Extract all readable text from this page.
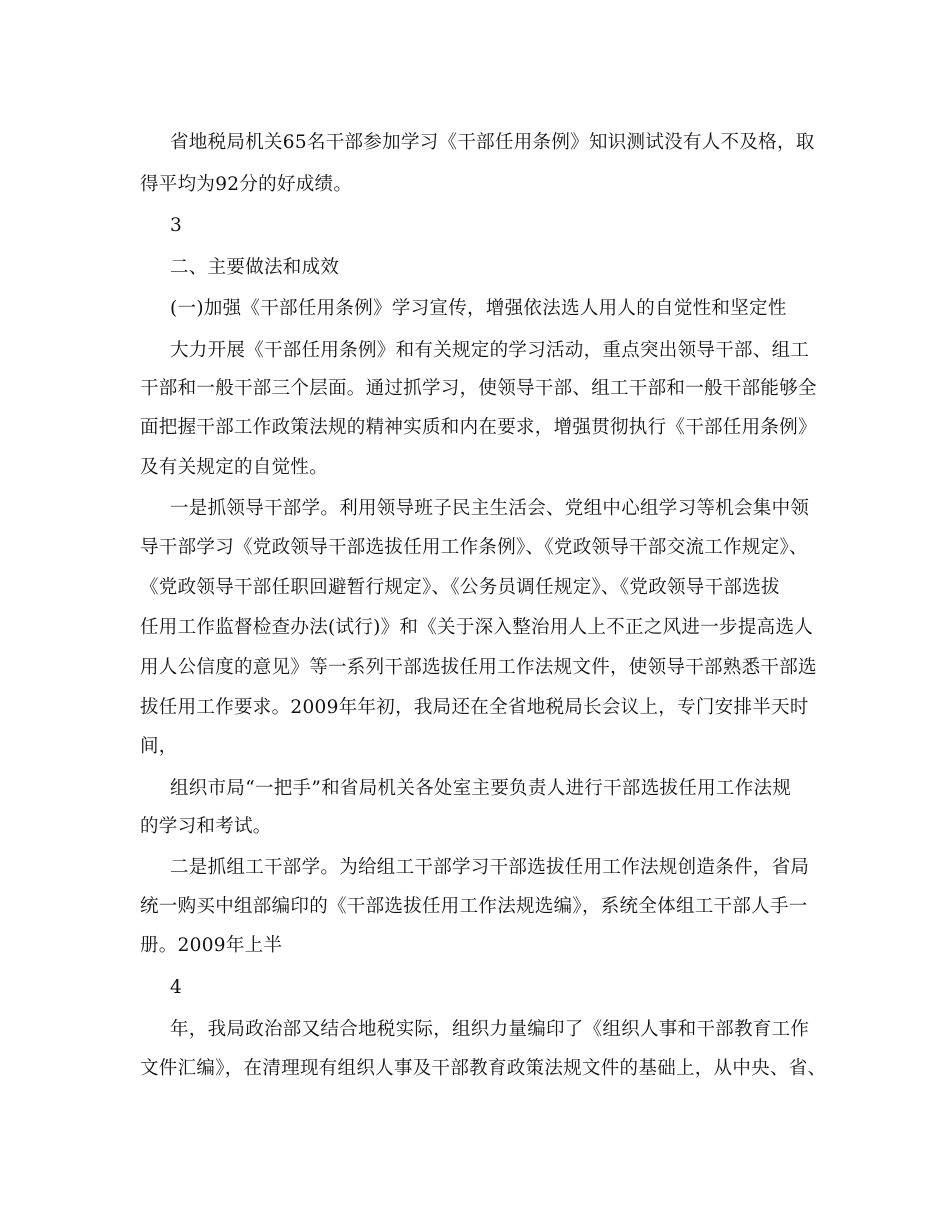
省地税局机关65名干部参加学习《干部任用条例》知识测试没有人不及格，取
得平均为92分的好成绩。
3
二、主要做法和成效
(一)加强《干部任用条例》学习宣传，增强依法选人用人的自觉性和坚定性
大力开展《干部任用条例》和有关规定的学习活动，重点突出领导干部、组工
干部和一般干部三个层面。通过抓学习，使领导干部、组工干部和一般干部能够全
面把握干部工作政策法规的精神实质和内在要求，增强贯彻执行《干部任用条例》
及有关规定的自觉性。
一是抓领导干部学。利用领导班子民主生活会、党组中心组学习等机会集中领
导干部学习《党政领导干部选拔任用工作条例》、《党政领导干部交流工作规定》、
《党政领导干部任职回避暂行规定》、《公务员调任规定》、《党政领导干部选拔
任用工作监督检查办法(试行)》和《关于深入整治用人上不正之风进一步提高选人
用人公信度的意见》等一系列干部选拔任用工作法规文件，使领导干部熟悉干部选
拔任用工作要求。2009年年初，我局还在全省地税局长会议上，专门安排半天时
间，
组织市局“一把手”和省局机关各处室主要负责人进行干部选拔任用工作法规
的学习和考试。
二是抓组工干部学。为给组工干部学习干部选拔任用工作法规创造条件，省局
统一购买中组部编印的《干部选拔任用工作法规选编》，系统全体组工干部人手一
册。2009年上半
4
年，我局政治部又结合地税实际，组织力量编印了《组织人事和干部教育工作
文件汇编》，在清理现有组织人事及干部教育政策法规文件的基础上，从中央、省、
